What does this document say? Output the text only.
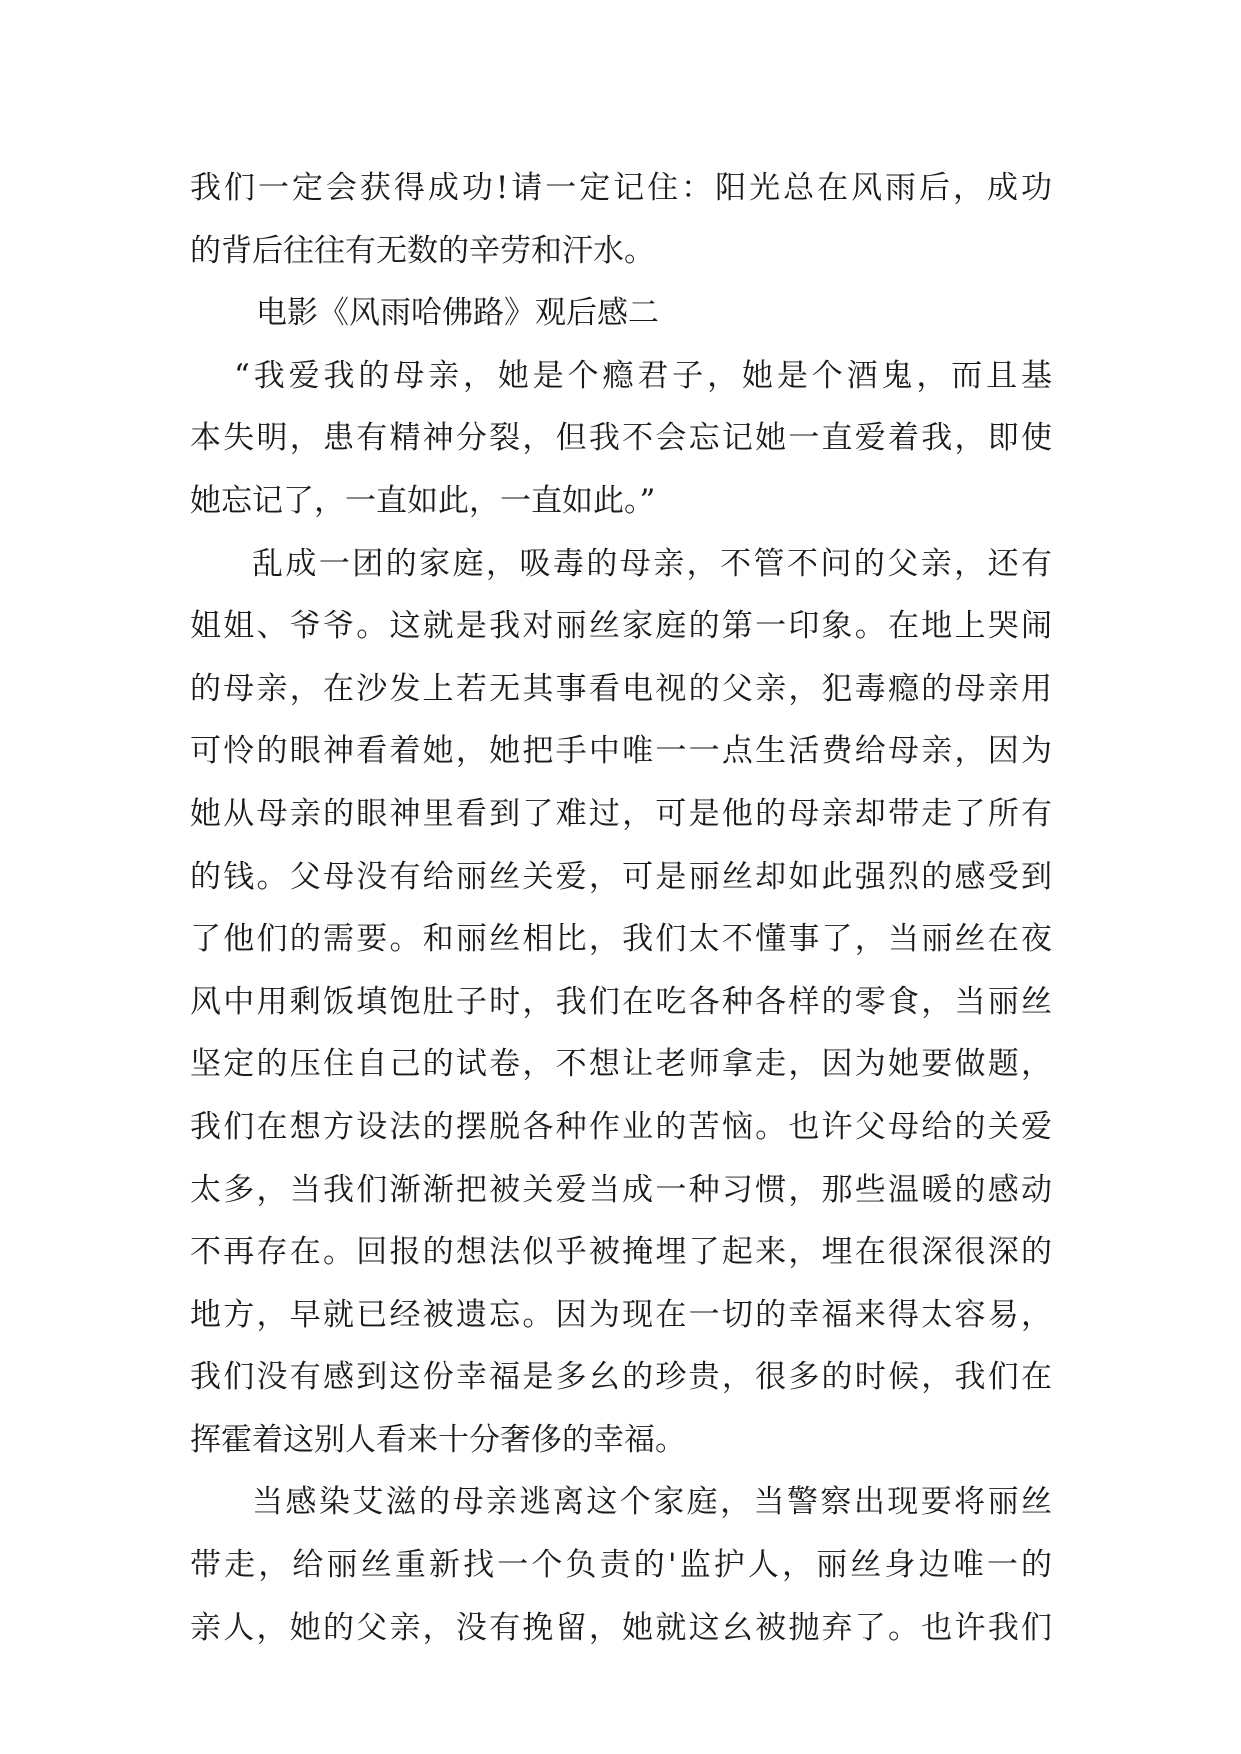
我们一定会获得成功!请一定记住：阳光总在风雨后，成功
的背后往往有无数的辛劳和汗水。
电影《风雨哈佛路》观后感二
“我爱我的母亲，她是个瘾君子，她是个酒鬼，而且基
本失明，患有精神分裂，但我不会忘记她一直爱着我，即使
她忘记了，一直如此，一直如此。”
乱成一团的家庭，吸毒的母亲，不管不问的父亲，还有
姐姐、爷爷。这就是我对丽丝家庭的第一印象。在地上哭闹
的母亲，在沙发上若无其事看电视的父亲，犯毒瘾的母亲用
可怜的眼神看着她，她把手中唯一一点生活费给母亲，因为
她从母亲的眼神里看到了难过，可是他的母亲却带走了所有
的钱。父母没有给丽丝关爱，可是丽丝却如此强烈的感受到
了他们的需要。和丽丝相比，我们太不懂事了，当丽丝在夜
风中用剩饭填饱肚子时，我们在吃各种各样的零食，当丽丝
坚定的压住自己的试卷，不想让老师拿走，因为她要做题，
我们在想方设法的摆脱各种作业的苦恼。也许父母给的关爱
太多，当我们渐渐把被关爱当成一种习惯，那些温暖的感动
不再存在。回报的想法似乎被掩埋了起来，埋在很深很深的
地方，早就已经被遗忘。因为现在一切的幸福来得太容易，
我们没有感到这份幸福是多幺的珍贵，很多的时候，我们在
挥霍着这别人看来十分奢侈的幸福。
当感染艾滋的母亲逃离这个家庭，当警察出现要将丽丝
带走，给丽丝重新找一个负责的'监护人，丽丝身边唯一的
亲人，她的父亲，没有挽留，她就这幺被抛弃了。也许我们
